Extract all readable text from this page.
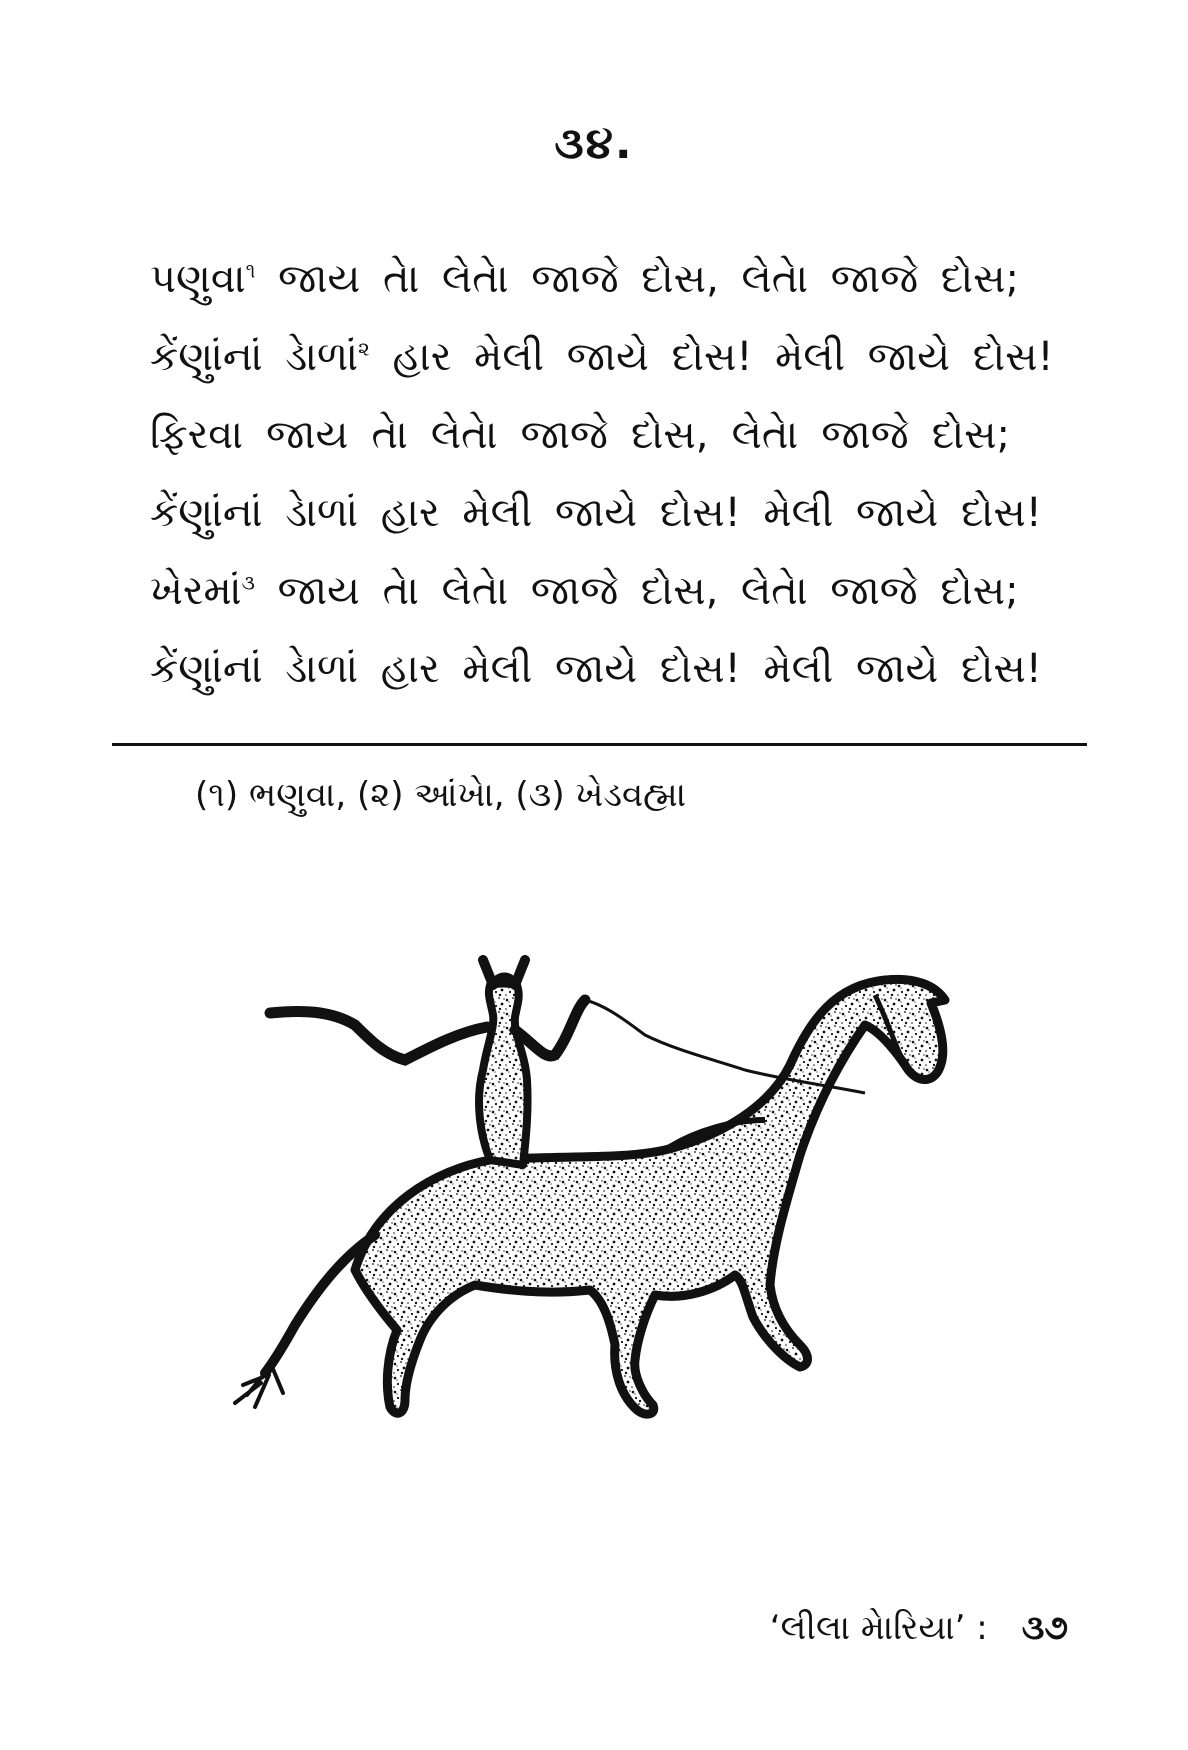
૩૪.
પણુવા$^૧$ જાય તેા લેતેા જાજે દોસ, લેતેા જાજે દોસ;
કેંણુાંનાં ડેાળાં$^૨$ હાર મેલી જાયે દોસ! મેલી જાયે દોસ!
ફિરવા જાય તેા લેતેા જાજે દોસ, લેતેા જાજે દોસ;
કેંણુાંનાં ડેાળાં હાર મેલી જાયે દોસ! મેલી જાયે દોસ!
ખેરમાં$^૩$ જાય તેા લેતેા જાજે દોસ, લેતેા જાજે દોસ;
કેંણુાંનાં ડેાળાં હાર મેલી જાયે દોસ! મેલી જાયે દોસ!
(૧) ભણુવા, (૨) આંખેા, (૩) ખેડવહ્મા
‘લીલા મેારિયા’ : ૩૭
